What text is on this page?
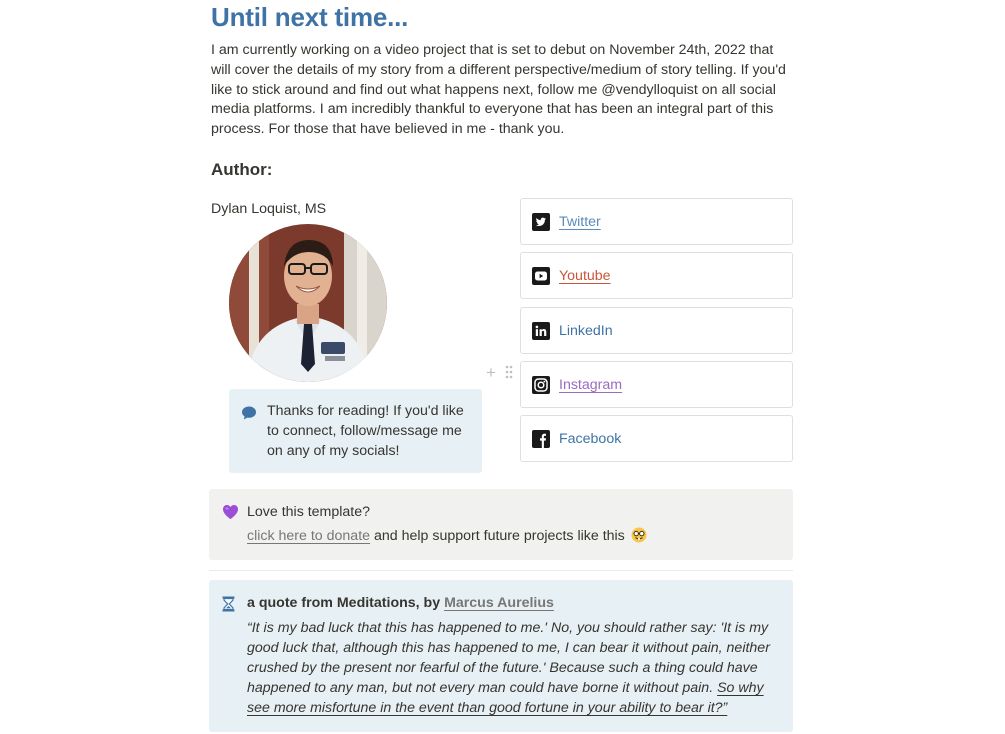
Until next time...

I am currently working on a video project that is set to debut on November 24th, 2022 that will cover the details of my story from a different perspective/medium of story telling. If you'd like to stick around and find out what happens next, follow me @vendylloquist on all social media platforms. I am incredibly thankful to everyone that has been an integral part of this process. For those that have believed in me - thank you.

Author:

Dylan Loquist, MS

Thanks for reading! If you'd like to connect, follow/message me on any of my socials!
+
Twitter
Youtube
LinkedIn
Instagram
Facebook
Love this template?
click here to donate and help support future projects like this
a quote from Meditations, by Marcus Aurelius
“It is my bad luck that this has happened to me.' No, you should rather say: 'It is my good luck that, although this has happened to me, I can bear it without pain, neither crushed by the present nor fearful of the future.' Because such a thing could have happened to any man, but not every man could have borne it without pain. So why see more misfortune in the event than good fortune in your ability to bear it?”
